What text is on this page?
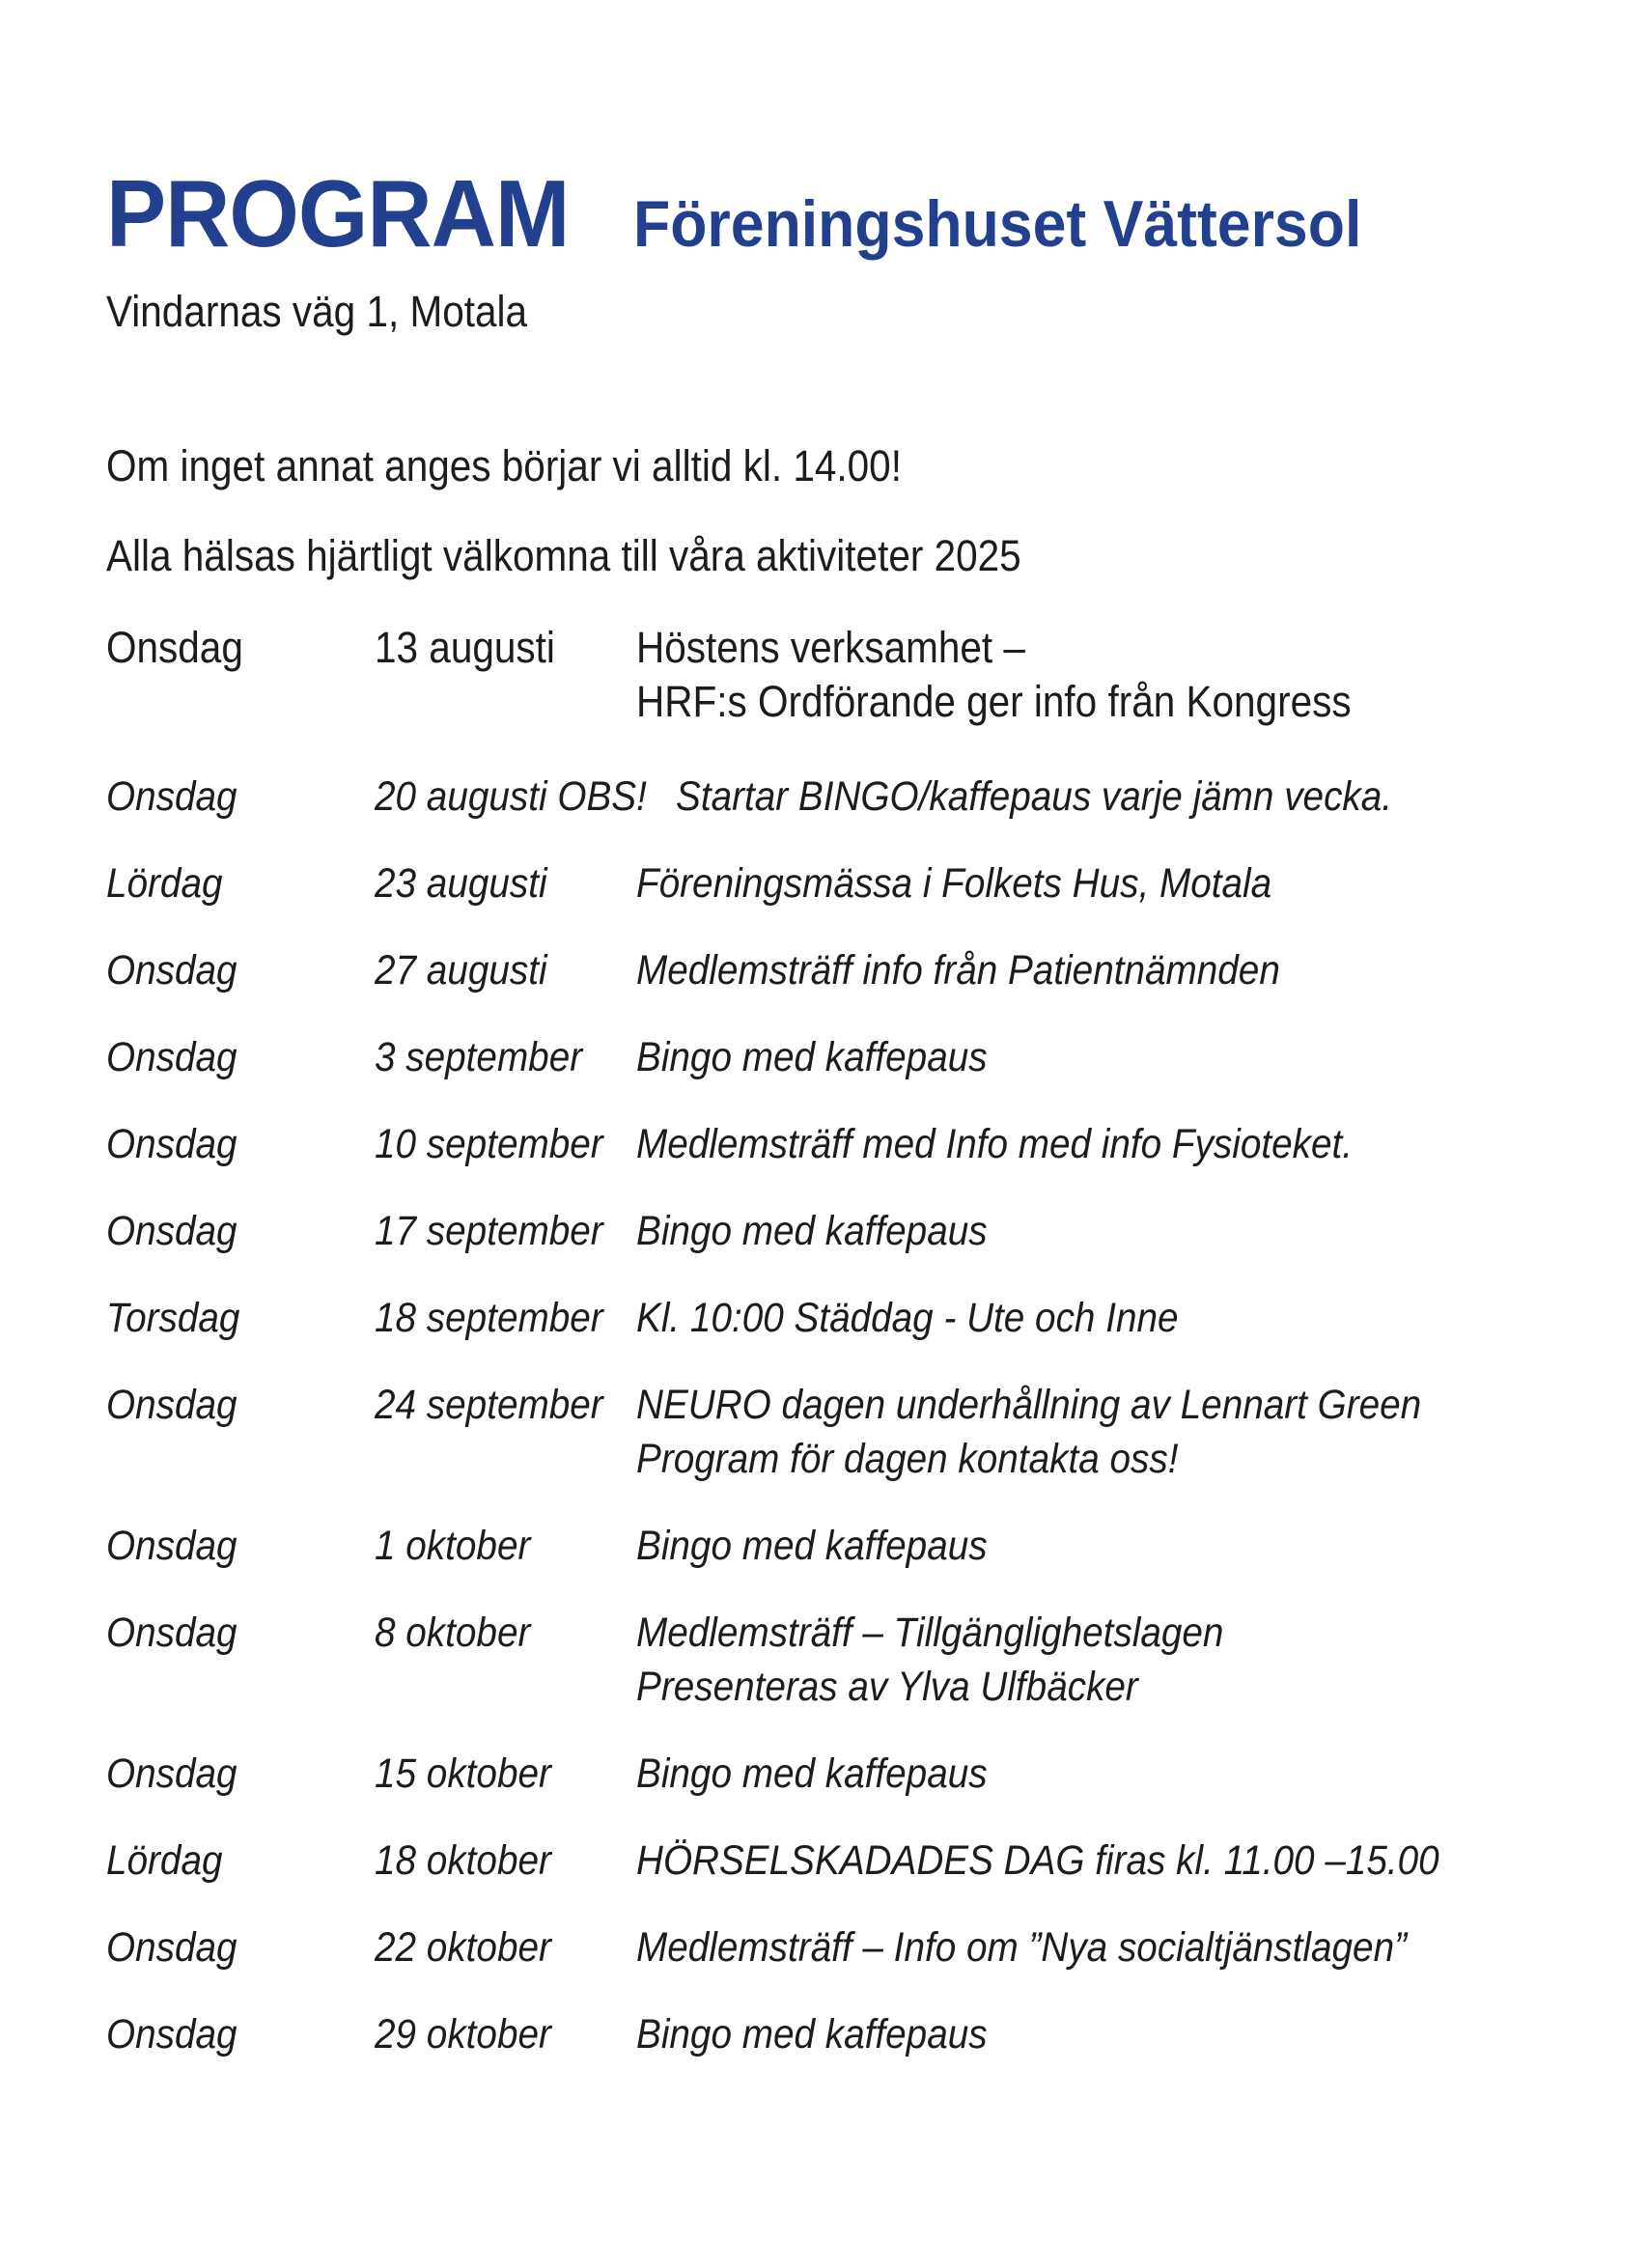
PROGRAM Föreningshuset Vättersol
Vindarnas väg 1, Motala
Om inget annat anges börjar vi alltid kl. 14.00!
Alla hälsas hjärtligt välkomna till våra aktiviteter 2025
Onsdag	13 augusti Höstens verksamhet –
HRF:s Ordförande ger info från Kongress
Onsdag	20 augusti OBS! Startar BINGO/kaffepaus varje jämn vecka.
Lördag	23 augusti Föreningsmässa i Folkets Hus, Motala
Onsdag	27 augusti Medlemsträff info från Patientnämnden
Onsdag	3 september Bingo med kaffepaus
Onsdag	10 september Medlemsträff med Info med info Fysioteket.
Onsdag	17 september Bingo med kaffepaus
Torsdag	18 september Kl. 10:00 Städdag - Ute och Inne
Onsdag	24 september NEURO dagen underhållning av Lennart Green
Program för dagen kontakta oss!
Onsdag	1 oktober	Bingo med kaffepaus
Onsdag	8 oktober	Medlemsträff – Tillgänglighetslagen
Presenteras av Ylva Ulfbäcker
Onsdag	15 oktober Bingo med kaffepaus
Lördag	18 oktober HÖRSELSKADADES DAG firas kl. 11.00 –15.00
Onsdag	22 oktober Medlemsträff – Info om ”Nya socialtjänstlagen”
Onsdag	29 oktober Bingo med kaffepaus
